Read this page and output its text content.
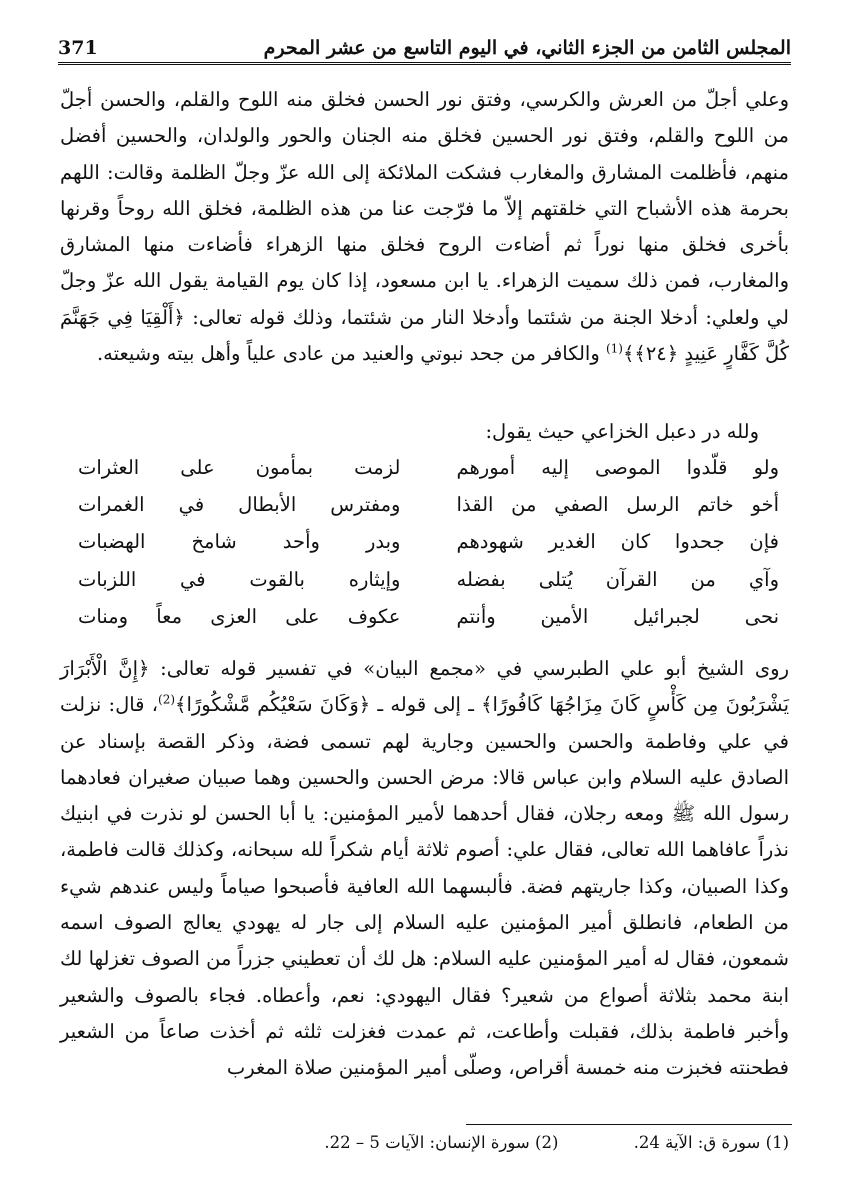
المجلس الثامن من الجزء الثاني، في اليوم التاسع من عشر المحرم
371

وعلي أجلّ من العرش والكرسي، وفتق نور الحسن فخلق منه اللوح والقلم، والحسن أجلّ من اللوح والقلم، وفتق نور الحسين فخلق منه الجنان والحور والولدان، والحسين أفضل منهم، فأظلمت المشارق والمغارب فشكت الملائكة إلى الله عزّ وجلّ الظلمة وقالت: اللهم بحرمة هذه الأشباح التي خلقتهم إلاّ ما فرّجت عنا من هذه الظلمة، فخلق الله روحاً وقرنها بأخرى فخلق منها نوراً ثم أضاءت الروح فخلق منها الزهراء فأضاءت منها المشارق والمغارب، فمن ذلك سميت الزهراء. يا ابن مسعود، إذا كان يوم القيامة يقول الله عزّ وجلّ لي ولعلي: أدخلا الجنة من شئتما وأدخلا النار من شئتما، وذلك قوله تعالى: ﴿أَلْقِيَا فِي جَهَنَّمَ كُلَّ كَفَّارٍ عَنِيدٍ ﴿٢٤﴾﴾$^{(1)}$ والكافر من جحد نبوتي والعنيد من عادى علياً وأهل بيته وشيعته.

ولله در دعبل الخزاعي حيث يقول:
ولو قلّدوا الموصى إليه أمورهم
لزمت بمأمون على العثرات
أخو خاتم الرسل الصفي من القذا
ومفترس الأبطال في الغمرات
فإن جحدوا كان الغدير شهودهم
وبدر وأحد شامخ الهضبات
وآي من القرآن يُتلى بفضله
وإيثاره بالقوت في اللزبات
نحى لجبرائيل الأمين وأنتم
عكوف على العزى معاً ومنات

روى الشيخ أبو علي الطبرسي في «مجمع البيان» في تفسير قوله تعالى: ﴿إِنَّ الْأَبْرَارَ يَشْرَبُونَ مِن كَأْسٍ كَانَ مِزَاجُهَا كَافُورًا﴾ ـ إلى قوله ـ ﴿وَكَانَ سَعْيُكُم مَّشْكُورًا﴾$^{(2)}$، قال: نزلت في علي وفاطمة والحسن والحسين وجارية لهم تسمى فضة، وذكر القصة بإسناد عن الصادق عليه السلام وابن عباس قالا: مرض الحسن والحسين وهما صبيان صغيران فعادهما رسول الله ﷺ ومعه رجلان، فقال أحدهما لأمير المؤمنين: يا أبا الحسن لو نذرت في ابنيك نذراً عافاهما الله تعالى، فقال علي: أصوم ثلاثة أيام شكراً لله سبحانه، وكذلك قالت فاطمة، وكذا الصبيان، وكذا جاريتهم فضة. فألبسهما الله العافية فأصبحوا صياماً وليس عندهم شيء من الطعام، فانطلق أمير المؤمنين عليه السلام إلى جار له يهودي يعالج الصوف اسمه شمعون، فقال له أمير المؤمنين عليه السلام: هل لك أن تعطيني جزراً من الصوف تغزلها لك ابنة محمد بثلاثة أصواع من شعير؟ فقال اليهودي: نعم، وأعطاه. فجاء بالصوف والشعير وأخبر فاطمة بذلك، فقبلت وأطاعت، ثم عمدت فغزلت ثلثه ثم أخذت صاعاً من الشعير فطحنته فخبزت منه خمسة أقراص، وصلّى أمير المؤمنين صلاة المغرب

(1) سورة ق: الآية 24. (2) سورة الإنسان: الآيات 5 – 22.
